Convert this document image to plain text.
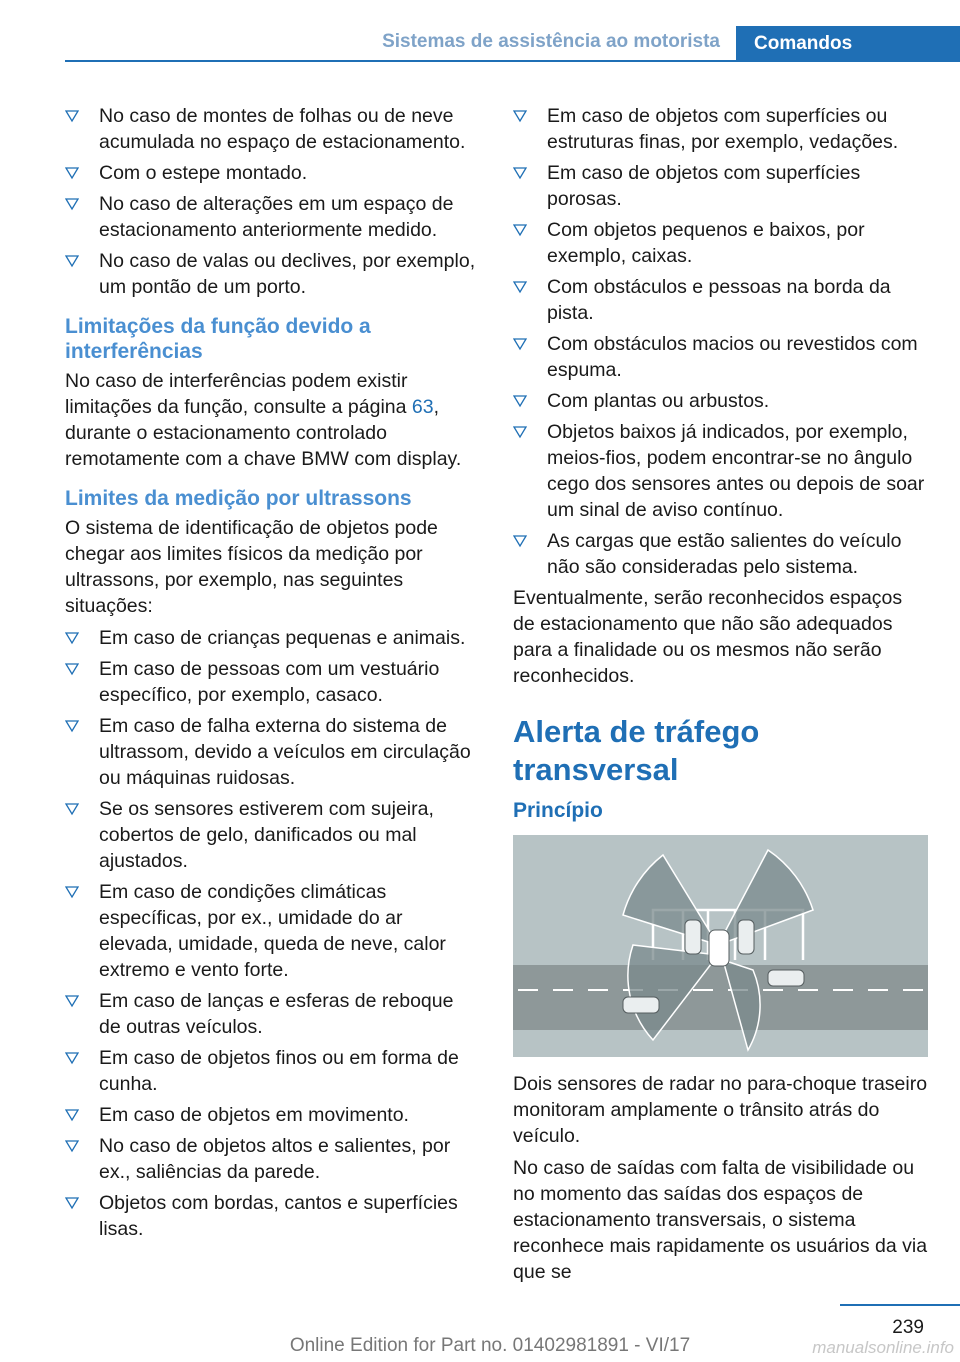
Sistemas de assistência ao motorista	Comandos
No caso de montes de folhas ou de neve acumulada no espaço de estacionamento.
Com o estepe montado.
No caso de alterações em um espaço de estacionamento anteriormente medido.
No caso de valas ou declives, por exemplo, um pontão de um porto.
Limitações da função devido a interferências

No caso de interferências podem existir limitações da função, consulte a página 63, durante o estacionamento controlado remotamente com a chave BMW com display.

Limites da medição por ultrassons

O sistema de identificação de objetos pode chegar aos limites físicos da medição por ultrassons, por exemplo, nas seguintes situações:

Em caso de crianças pequenas e animais.
Em caso de pessoas com um vestuário específico, por exemplo, casaco.
Em caso de falha externa do sistema de ultrassom, devido a veículos em circulação ou máquinas ruidosas.
Se os sensores estiverem com sujeira, cobertos de gelo, danificados ou mal ajustados.
Em caso de condições climáticas específicas, por ex., umidade do ar elevada, umidade, queda de neve, calor extremo e vento forte.
Em caso de lanças e esferas de reboque de outras veículos.
Em caso de objetos finos ou em forma de cunha.
Em caso de objetos em movimento.
No caso de objetos altos e salientes, por ex., saliências da parede.
Objetos com bordas, cantos e superfícies lisas.
Em caso de objetos com superfícies ou estruturas finas, por exemplo, vedações.
Em caso de objetos com superfícies porosas.
Com objetos pequenos e baixos, por exemplo, caixas.
Com obstáculos e pessoas na borda da pista.
Com obstáculos macios ou revestidos com espuma.
Com plantas ou arbustos.
Objetos baixos já indicados, por exemplo, meios-fios, podem encontrar-se no ângulo cego dos sensores antes ou depois de soar um sinal de aviso contínuo.
As cargas que estão salientes do veículo não são consideradas pelo sistema.

Eventualmente, serão reconhecidos espaços de estacionamento que não são adequados para a finalidade ou os mesmos não serão reconhecidos.

Alerta de tráfego transversal
Princípio

Dois sensores de radar no para-choque traseiro monitoram amplamente o trânsito atrás do veículo.

No caso de saídas com falta de visibilidade ou no momento das saídas dos espaços de estacionamento transversais, o sistema reconhece mais rapidamente os usuários da via que se

239
Online Edition for Part no. 01402981891 - VI/17	manualsonline.info
